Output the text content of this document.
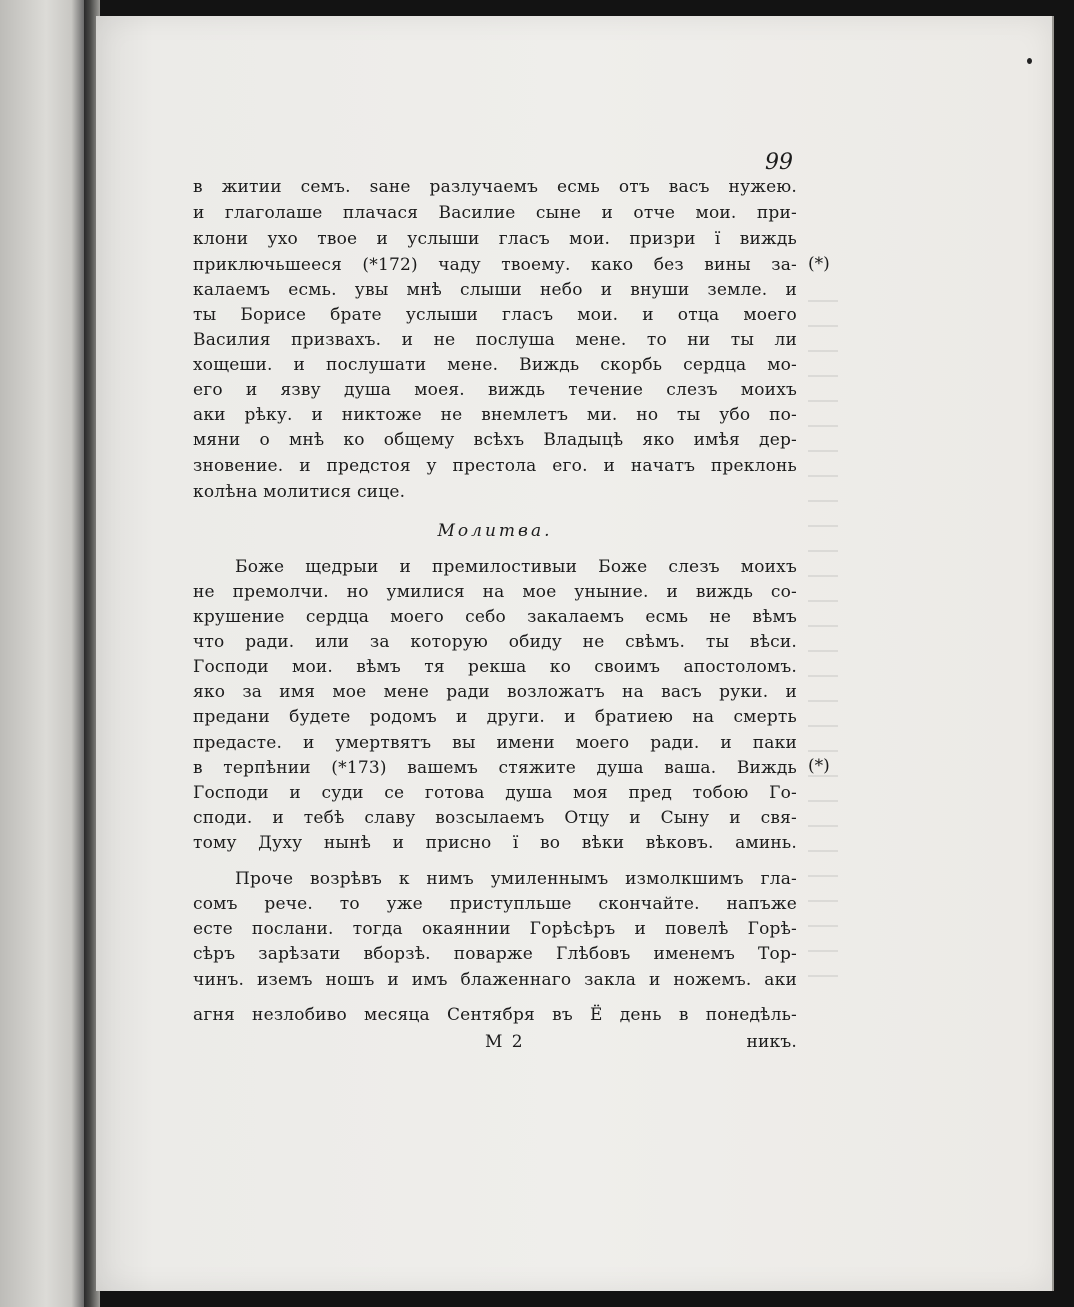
99
в житии семъ. ѕане разлучаемъ есмь отъ васъ нужею.
и глаголаше плачася Василие сыне и отче мои. при-
клони ухо твое и услыши гласъ мои. призри ї виждь
приключьшееся (*172) чаду твоему. како без вины за-
калаемъ есмь. увы мнѣ слыши небо и внуши земле. и
ты Борисе брате услыши гласъ мои. и отца моего
Василия призвахъ. и не послуша мене. то ни ты ли
хощеши. и послушати мене. Виждь скорбь сердца мо-
его и язву душа моея. виждь течение слезъ моихъ
аки рѣку. и никтоже не внемлетъ ми. но ты убо по-
мяни о мнѣ ко общему всѣхъ Владыцѣ яко имѣя дер-
зновение. и предстоя у престола его. и начатъ преклонь
колѣна молитися сице.
Молитва.
Боже щедрыи и премилостивыи Боже слезъ моихъ
не премолчи. но умилися на мое уныние. и виждь со-
крушение сердца моего себо закалаемъ есмь не вѣмъ
что ради. или за которую обиду не свѣмъ. ты вѣси.
Господи мои. вѣмъ тя рекша ко своимъ апостоломъ.
яко за имя мое мене ради возложатъ на васъ руки. и
предани будете родомъ и други. и братиею на смерть
предасте. и умертвятъ вы имени моего ради. и паки
в терпѣнии (*173) вашемъ стяжите душа ваша. Виждь
Господи и суди се готова душа моя пред тобою Го-
споди. и тебѣ славу возсылаемъ Отцу и Сыну и свя-
тому Духу нынѣ и присно ї во вѣки вѣковъ. аминь.
Проче возрѣвъ к нимъ умиленнымъ измолкшимъ гла-
сомъ рече. то уже приступльше скончайте. напъже
есте послани. тогда окаяннии Горѣсѣръ и повелѣ Горѣ-
сѣръ зарѣзати вборзѣ. поварже Глѣбовъ именемъ Тор-
чинъ. иземъ ношъ и имъ блаженнаго закла и ножемъ. аки
агня незлобиво месяца Сентября въ Ё день в понедѣль-
М 2	никъ.
(*)
(*)
